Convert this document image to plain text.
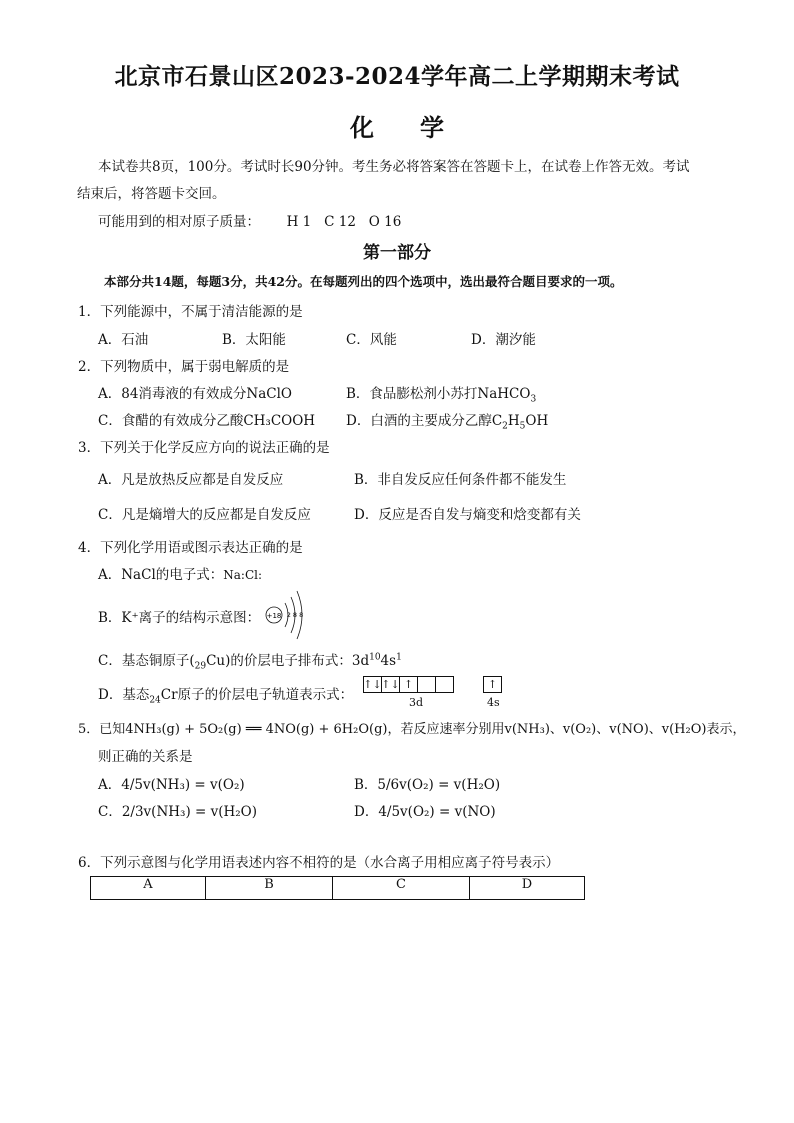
北京市石景山区2023-2024学年高二上学期期末考试
化 学
本试卷共8页，100分。考试时长90分钟。考生务必将答案答在答题卡上，在试卷上作答无效。考试
结束后，将答题卡交回。
可能用到的相对原子质量： H 1   C 12   O 16
第一部分
本部分共14题，每题3分，共42分。在每题列出的四个选项中，选出最符合题目要求的一项。
1．下列能源中，不属于清洁能源的是
A．石油	B．太阳能	C．风能	D．潮汐能
2．下列物质中，属于弱电解质的是
A．84消毒液的有效成分NaClO	B．食品膨松剂小苏打NaHCO$_3$
C．食醋的有效成分乙酸CH₃COOH D．白酒的主要成分乙醇$C_2H_5OH$
3．下列关于化学反应方向的说法正确的是
A．凡是放热反应都是自发反应	B．非自发反应任何条件都不能发生
C．凡是熵增大的反应都是自发反应	D．反应是否自发与熵变和焓变都有关
4．下列化学用语或图示表达正确的是
A．NaCl的电子式：Na:Cl:
B．K⁺离子的结构示意图： +18 2 8 8
C．基态铜原子$(_{29}Cu)$的价层电子排布式：$3d^{10}4s^1$
D．基态$_{24}$Cr原子的价层电子轨道表示式：
↑↓ ↑↓ ↑
3d
↑
4s
5．已知4NH₃(g) + 5O₂(g) ══ 4NO(g) + 6H₂O(g)，若反应速率分别用v(NH₃)、v(O₂)、v(NO)、v(H₂O)表示，
则正确的关系是
A．4/5v(NH₃) = v(O₂)	B．5/6v(O₂) = v(H₂O)
C．2/3v(NH₃) = v(H₂O)	D．4/5v(O₂) = v(NO)
6．下列示意图与化学用语表述内容不相符的是（水合离子用相应离子符号表示）
A	B	C	D
